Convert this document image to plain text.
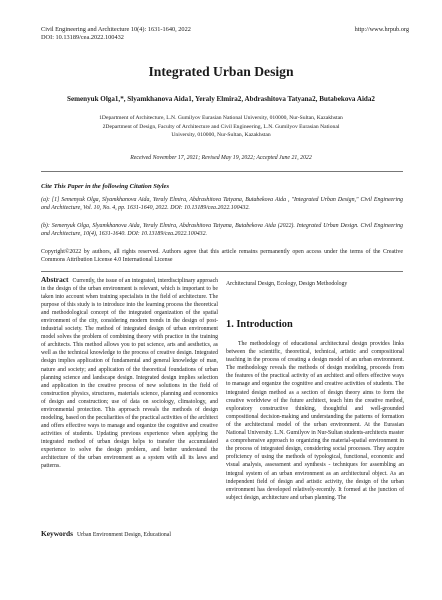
Civil Engineering and Architecture 10(4): 1631-1640, 2022
DOI: 10.13189/cea.2022.100432
http://www.hrpub.org
Integrated Urban Design
Semenyuk Olga1,*, Slyamkhanova Aida1, Yeraly Elmira2, Abdrashitova Tatyana2, Butabekova Aida2
1Department of Architecture, L.N. Gumilyov Eurasian National University, 010000, Nur-Sultan, Kazakhstan
2Department of Design, Faculty of Architecture and Civil Engineering, L.N. Gumilyov Eurasian National University, 010000, Nur-Sultan, Kazakhstan
Received November 17, 2021; Revised May 19, 2022; Accepted June 21, 2022
Cite This Paper in the following Citation Styles
(a): [1] Semenyuk Olga, Slyamkhanova Aida, Yeraly Elmira, Abdrashitova Tatyana, Butabekova Aida , "Integrated Urban Design," Civil Engineering and Architecture, Vol. 10, No. 4, pp. 1631-1640, 2022. DOI: 10.13189/cea.2022.100432.
(b): Semenyuk Olga, Slyamkhanova Aida, Yeraly Elmira, Abdrashitova Tatyana, Butabekova Aida (2022). Integrated Urban Design. Civil Engineering and Architecture, 10(4), 1631-1640. DOI: 10.13189/cea.2022.100432.
Copyright©2022 by authors, all rights reserved. Authors agree that this article remains permanently open access under the terms of the Creative Commons Attribution License 4.0 International License
Abstract Currently, the issue of an integrated, interdisciplinary approach in the design of the urban environment is relevant, which is important to be taken into account when training specialists in the field of architecture. The purpose of this study is to introduce into the learning process the theoretical and methodological concept of the integrated organization of the spatial environment of the city, considering modern trends in the design of post-industrial society. The method of integrated design of urban environment model solves the problem of combining theory with practice in the training of architects. This method allows you to put science, arts and aesthetics, as well as the technical knowledge to the process of creative design. Integrated design implies application of fundamental and general knowledge of man, nature and society; and application of the theoretical foundations of urban planning science and landscape design. Integrated design implies selection and application in the creative process of new solutions in the field of construction physics, structures, materials science, planning and economics of design and construction; use of data on sociology, climatology, and environmental protection. This approach reveals the methods of design modeling, based on the peculiarities of the practical activities of the architect and offers effective ways to manage and organize the cognitive and creative activities of students. Updating previous experience when applying the integrated method of urban design helps to transfer the accumulated experience to solve the design problem, and better understand the architecture of the urban environment as a system with all its laws and patterns.
Keywords Urban Environment Design, Educational
Architectural Design, Ecology, Design Methodology
1. Introduction
The methodology of educational architectural design provides links between the scientific, theoretical, technical, artistic and compositional teaching in the process of creating a design model of an urban environment. The methodology reveals the methods of design modeling, proceeds from the features of the practical activity of an architect and offers effective ways to manage and organize the cognitive and creative activities of students. The integrated design method as a section of design theory aims to form the creative worldview of the future architect, teach him the creative method, exploratory constructive thinking, thoughtful and well-grounded compositional decision-making and understanding the patterns of formation of the architectural model of the urban environment. At the Eurasian National University. L.N. Gumilyov in Nur-Sultan students-architects master a comprehensive approach to organizing the material-spatial environment in the process of integrated design, considering social processes. They acquire proficiency of using the methods of typological, functional, economic and visual analysis, assessment and synthesis - techniques for assembling an integral system of an urban environment as an architectural object. As an independent field of design and artistic activity, the design of the urban environment has developed relatively-recently. It formed at the junction of subject design, architecture and urban planning. The
